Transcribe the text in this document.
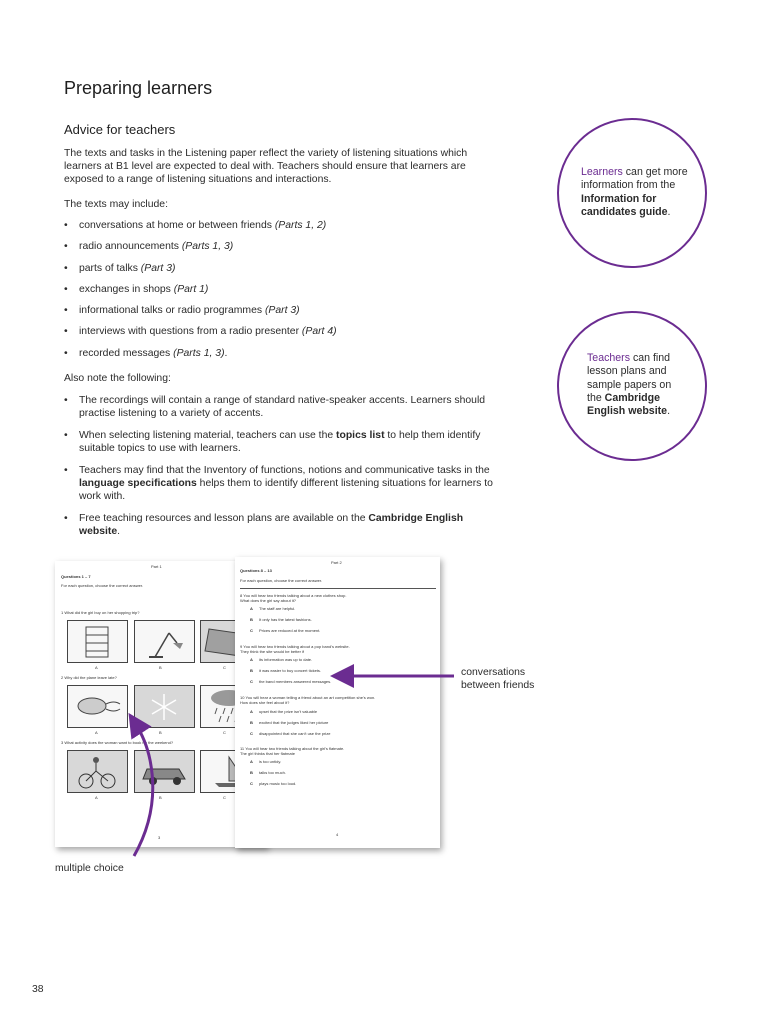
Preparing learners
Advice for teachers

The texts and tasks in the Listening paper reflect the variety of listening situations which learners at B1 level are expected to deal with. Teachers should ensure that learners are exposed to a range of listening situations and interactions.

The texts may include:

• conversations at home or between friends (Parts 1, 2)
• radio announcements (Parts 1, 3)
• parts of talks (Part 3)
• exchanges in shops (Part 1)
• informational talks or radio programmes (Part 3)
• interviews with questions from a radio presenter (Part 4)
• recorded messages (Parts 1, 3).

Also note the following:

• The recordings will contain a range of standard native-speaker accents. Learners should practise listening to a variety of accents.
• When selecting listening material, teachers can use the topics list to help them identify suitable topics to use with learners.
• Teachers may find that the Inventory of functions, notions and communicative tasks in the language specifications helps them to identify different listening situations for learners to work with.
• Free teaching resources and lesson plans are available on the Cambridge English website.
Learners can get more information from the Information for candidates guide.
Teachers can find lesson plans and sample papers on the Cambridge English website.
Part 1
Questions 1 – 7
For each question, choose the correct answer.
1 What did the girl buy on her shopping trip?
A	B	C
2 Why did the plane leave late?
A	B	C
3 What activity does the woman want to book for the weekend?
A	B	C
3
Part 2
Questions 8 – 13
For each question, choose the correct answer.
8 You will hear two friends talking about a new clothes shop.
What does the girl say about it?
A The staff are helpful.
B It only has the latest fashions.
C Prices are reduced at the moment.
9 You will hear two friends talking about a pop band's website.
They think the site would be better if
A its information was up to date.
B it was easier to buy concert tickets.
C the band members answered messages.
10 You will hear a woman telling a friend about an art competition she's won.
How does she feel about it?
A upset that the prize isn't valuable
B excited that the judges liked her picture
C disappointed that she can't use the prize
11 You will hear two friends talking about the girl's flatmate.
The girl thinks that her flatmate
A is too untidy.
B talks too much.
C plays music too loud.
4
conversations between friends
multiple choice
38
